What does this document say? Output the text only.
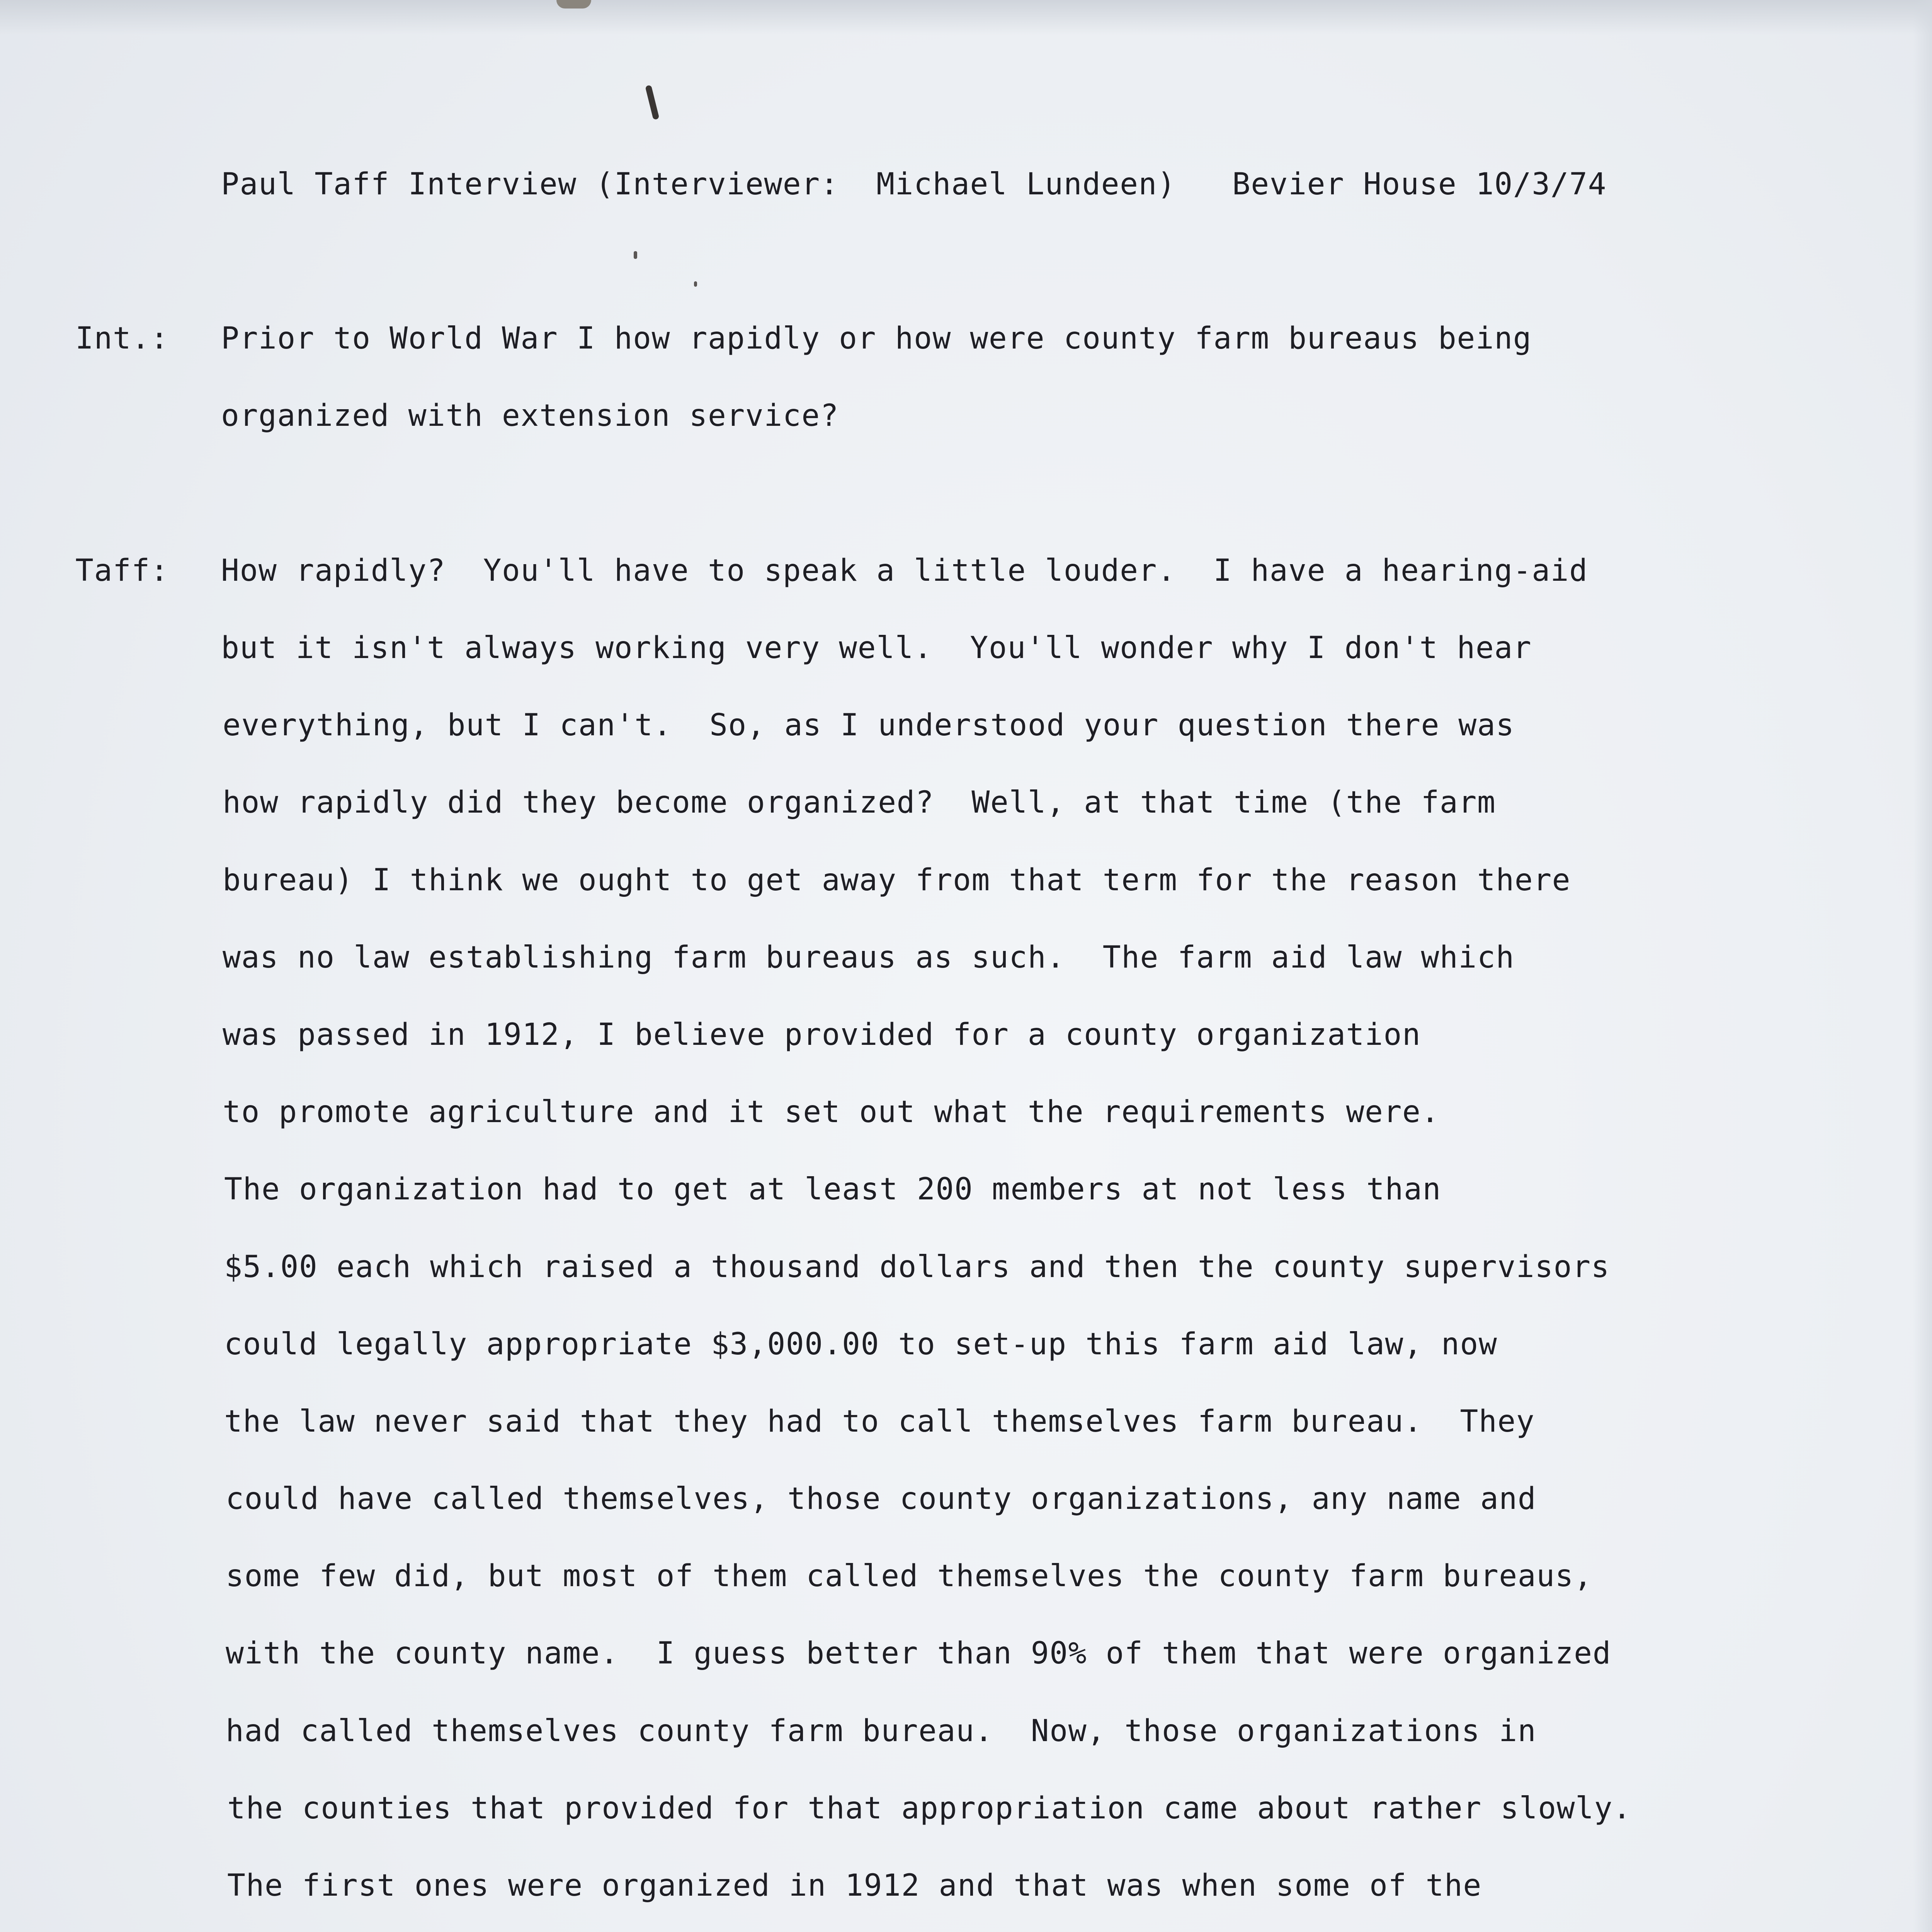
Paul Taff Interview (Interviewer:  Michael Lundeen)   Bevier House 10/3/74

Int.: Prior to World War I how rapidly or how were county farm bureaus being

organized with extension service?

Taff: How rapidly?  You'll have to speak a little louder.  I have a hearing-aid

but it isn't always working very well.  You'll wonder why I don't hear

everything, but I can't.  So, as I understood your question there was

how rapidly did they become organized?  Well, at that time (the farm

bureau) I think we ought to get away from that term for the reason there

was no law establishing farm bureaus as such.  The farm aid law which

was passed in 1912, I believe provided for a county organization

to promote agriculture and it set out what the requirements were.

The organization had to get at least 200 members at not less than

$5.00 each which raised a thousand dollars and then the county supervisors

could legally appropriate $3,000.00 to set-up this farm aid law, now

the law never said that they had to call themselves farm bureau.  They

could have called themselves, those county organizations, any name and

some few did, but most of them called themselves the county farm bureaus,

with the county name.  I guess better than 90% of them that were organized

had called themselves county farm bureau.  Now, those organizations in

the counties that provided for that appropriation came about rather slowly.

The first ones were organized in 1912 and that was when some of the
